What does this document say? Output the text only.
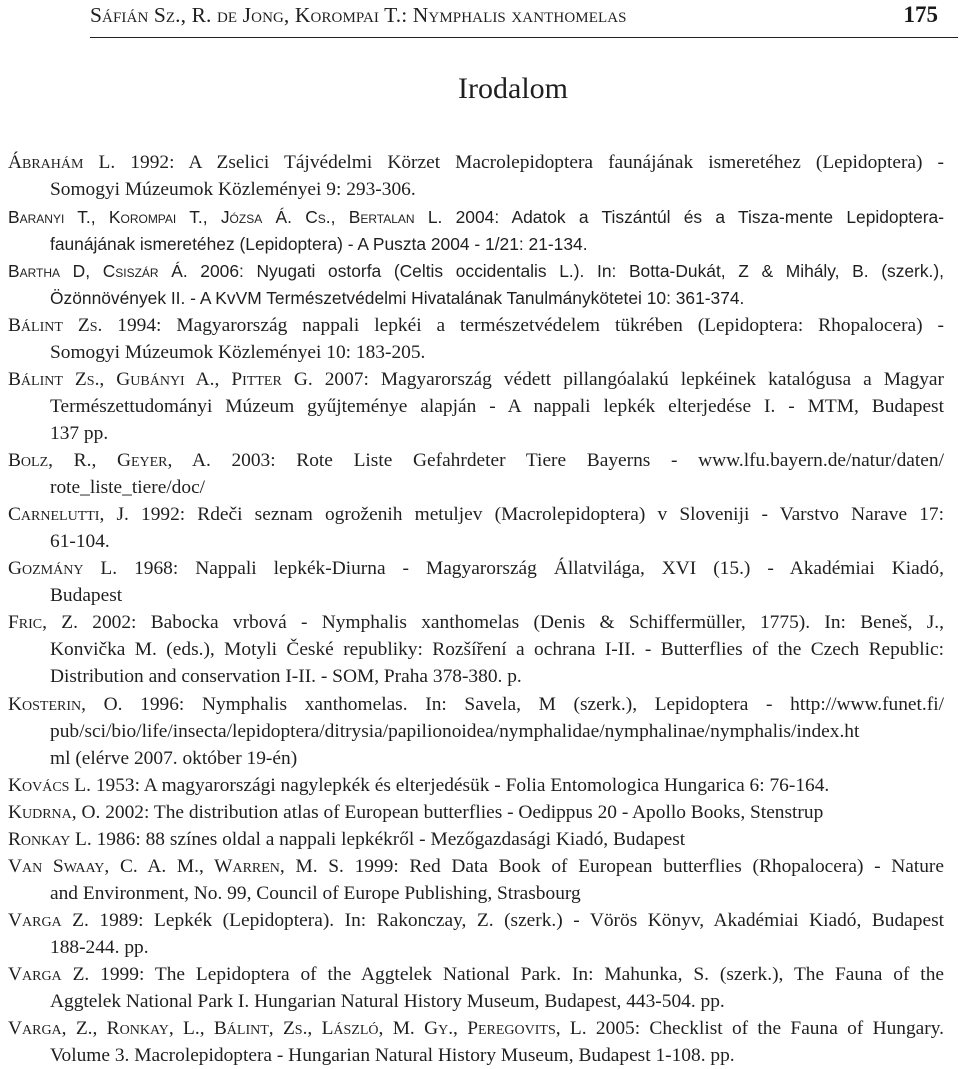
Sáfián Sz., R. de Jong, Korompai T.: Nymphalis xanthomelas	175
Irodalom
Ábrahám L. 1992: A Zselici Tájvédelmi Körzet Macrolepidoptera faunájának ismeretéhez (Lepidoptera) -
Somogyi Múzeumok Közleményei 9: 293-306.
Baranyi T., Korompai T., Józsa Á. Cs., Bertalan L. 2004: Adatok a Tiszántúl és a Tisza-mente Lepidoptera-
faunájának ismeretéhez (Lepidoptera) - A Puszta 2004 - 1/21: 21-134.
Bartha D, Csiszár Á. 2006: Nyugati ostorfa (Celtis occidentalis L.). In: Botta-Dukát, Z & Mihály, B. (szerk.),
Özönnövények II. - A KvVM Természetvédelmi Hivatalának Tanulmánykötetei 10: 361-374.
Bálint Zs. 1994: Magyarország nappali lepkéi a természetvédelem tükrében (Lepidoptera: Rhopalocera) -
Somogyi Múzeumok Közleményei 10: 183-205.
Bálint Zs., Gubányi A., Pitter G. 2007: Magyarország védett pillangóalakú lepkéinek katalógusa a Magyar
Természettudományi Múzeum gyűjteménye alapján - A nappali lepkék elterjedése I. - MTM, Budapest
137 pp.
Bolz, R., Geyer, A. 2003: Rote Liste Gefahrdeter Tiere Bayerns - www.lfu.bayern.de/natur/daten/
rote_liste_tiere/doc/
Carnelutti, J. 1992: Rdeči seznam ogroženih metuljev (Macrolepidoptera) v Sloveniji - Varstvo Narave 17:
61-104.
Gozmány L. 1968: Nappali lepkék-Diurna - Magyarország Állatvilága, XVI (15.) - Akadémiai Kiadó,
Budapest
Fric, Z. 2002: Babocka vrbová - Nymphalis xanthomelas (Denis & Schiffermüller, 1775). In: Beneš, J.,
Konvička M. (eds.), Motyli České republiky: Rozšíření a ochrana I-II. - Butterflies of the Czech Republic:
Distribution and conservation I-II. - SOM, Praha 378-380. p.
Kosterin, O. 1996: Nymphalis xanthomelas. In: Savela, M (szerk.), Lepidoptera - http://www.funet.fi/
pub/sci/bio/life/insecta/lepidoptera/ditrysia/papilionoidea/nymphalidae/nymphalinae/nymphalis/index.ht
ml (elérve 2007. október 19-én)
Kovács L. 1953: A magyarországi nagylepkék és elterjedésük - Folia Entomologica Hungarica 6: 76-164.
Kudrna, O. 2002: The distribution atlas of European butterflies - Oedippus 20 - Apollo Books, Stenstrup
Ronkay L. 1986: 88 színes oldal a nappali lepkékről - Mezőgazdasági Kiadó, Budapest
Van Swaay, C. A. M., Warren, M. S. 1999: Red Data Book of European butterflies (Rhopalocera) - Nature
and Environment, No. 99, Council of Europe Publishing, Strasbourg
Varga Z. 1989: Lepkék (Lepidoptera). In: Rakonczay, Z. (szerk.) - Vörös Könyv, Akadémiai Kiadó, Budapest
188-244. pp.
Varga Z. 1999: The Lepidoptera of the Aggtelek National Park. In: Mahunka, S. (szerk.), The Fauna of the
Aggtelek National Park I. Hungarian Natural History Museum, Budapest, 443-504. pp.
Varga, Z., Ronkay, L., Bálint, Zs., László, M. Gy., Peregovits, L. 2005: Checklist of the Fauna of Hungary.
Volume 3. Macrolepidoptera - Hungarian Natural History Museum, Budapest 1-108. pp.
